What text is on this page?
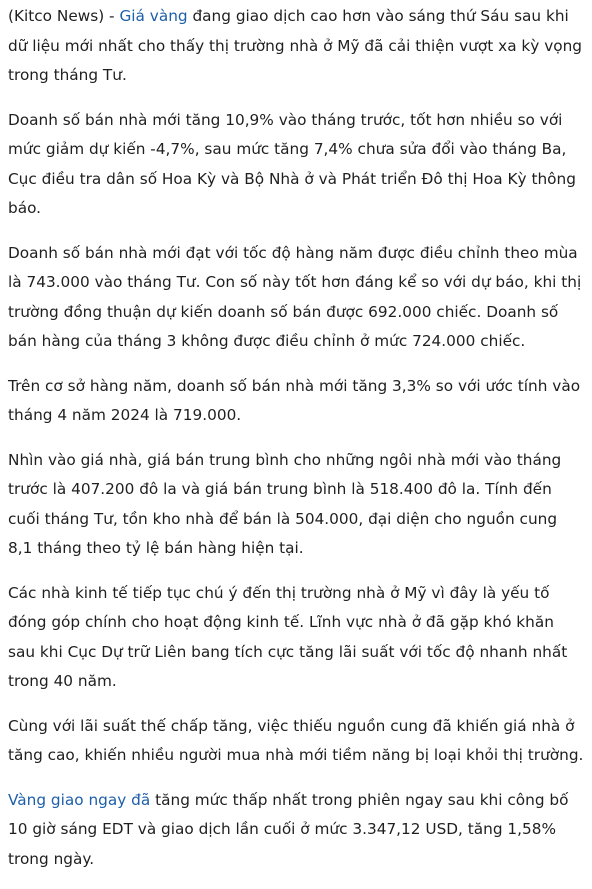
(Kitco News) - Giá vàng đang giao dịch cao hơn vào sáng thứ Sáu sau khi dữ liệu mới nhất cho thấy thị trường nhà ở Mỹ đã cải thiện vượt xa kỳ vọng trong tháng Tư.

Doanh số bán nhà mới tăng 10,9% vào tháng trước, tốt hơn nhiều so với mức giảm dự kiến -4,7%, sau mức tăng 7,4% chưa sửa đổi vào tháng Ba, Cục điều tra dân số Hoa Kỳ và Bộ Nhà ở và Phát triển Đô thị Hoa Kỳ thông báo.

Doanh số bán nhà mới đạt với tốc độ hàng năm được điều chỉnh theo mùa là 743.000 vào tháng Tư. Con số này tốt hơn đáng kể so với dự báo, khi thị trường đồng thuận dự kiến doanh số bán được 692.000 chiếc. Doanh số bán hàng của tháng 3 không được điều chỉnh ở mức 724.000 chiếc.

Trên cơ sở hàng năm, doanh số bán nhà mới tăng 3,3% so với ước tính vào tháng 4 năm 2024 là 719.000.

Nhìn vào giá nhà, giá bán trung bình cho những ngôi nhà mới vào tháng trước là 407.200 đô la và giá bán trung bình là 518.400 đô la. Tính đến cuối tháng Tư, tồn kho nhà để bán là 504.000, đại diện cho nguồn cung 8,1 tháng theo tỷ lệ bán hàng hiện tại.

Các nhà kinh tế tiếp tục chú ý đến thị trường nhà ở Mỹ vì đây là yếu tố đóng góp chính cho hoạt động kinh tế. Lĩnh vực nhà ở đã gặp khó khăn sau khi Cục Dự trữ Liên bang tích cực tăng lãi suất với tốc độ nhanh nhất trong 40 năm.

Cùng với lãi suất thế chấp tăng, việc thiếu nguồn cung đã khiến giá nhà ở tăng cao, khiến nhiều người mua nhà mới tiềm năng bị loại khỏi thị trường.

Vàng giao ngay đã tăng mức thấp nhất trong phiên ngay sau khi công bố 10 giờ sáng EDT và giao dịch lần cuối ở mức 3.347,12 USD, tăng 1,58% trong ngày.
